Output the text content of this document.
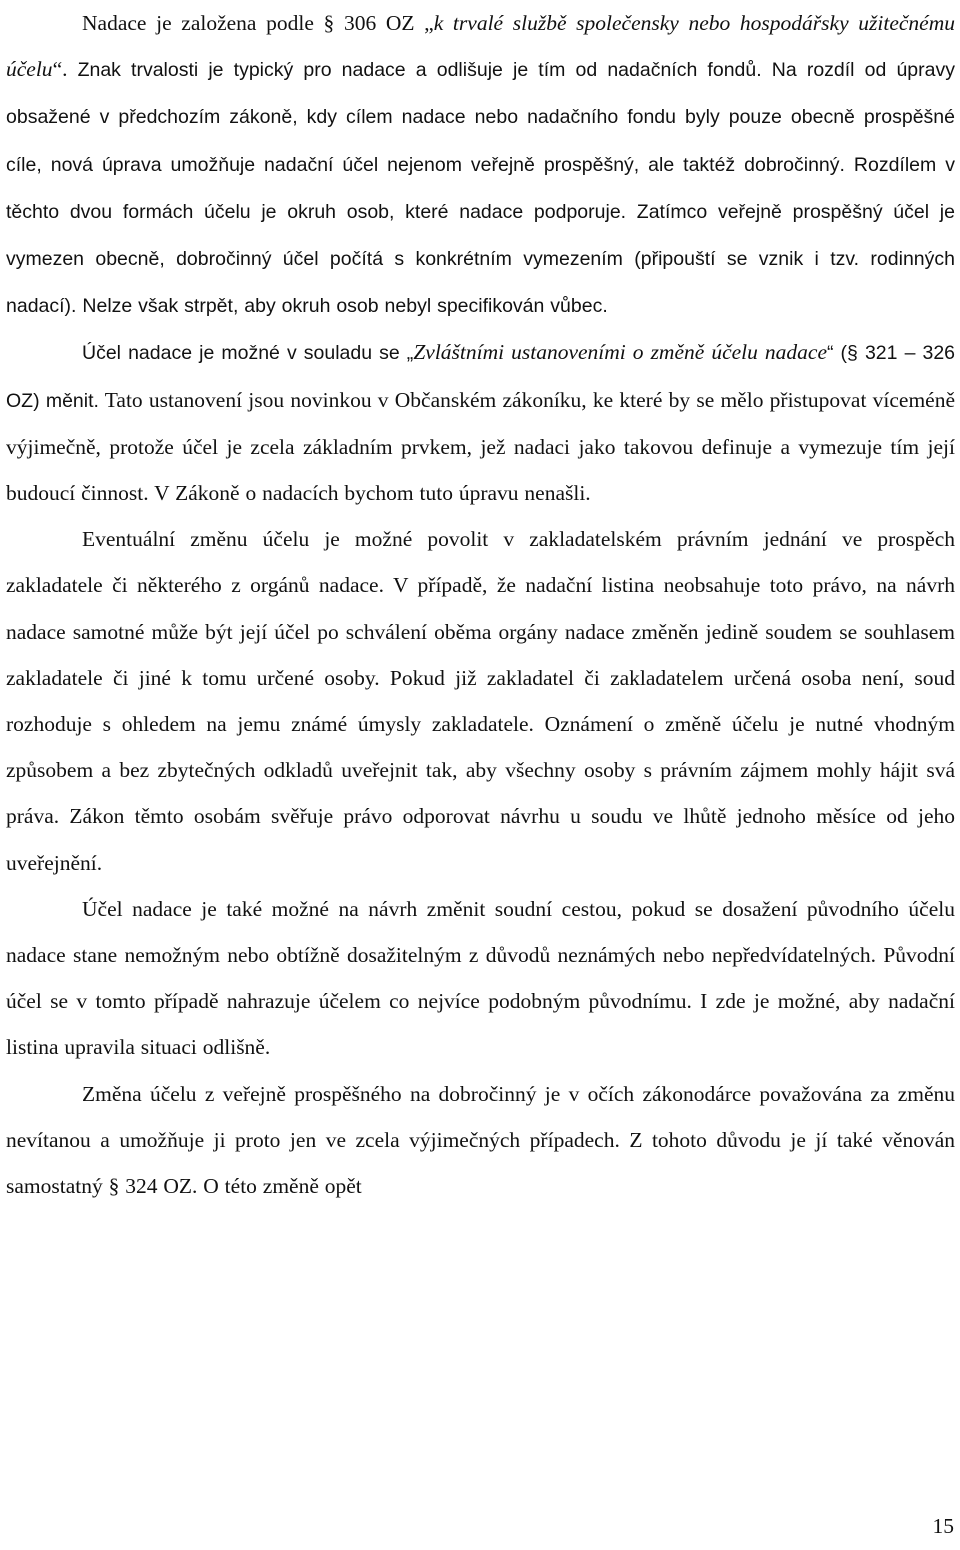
Nadace je založena podle § 306 OZ „k trvalé službě společensky nebo hospodářsky užitečnému účelu“. Znak trvalosti je typický pro nadace a odlišuje je tím od nadačních fondů. Na rozdíl od úpravy obsažené v předchozím zákoně, kdy cílem nadace nebo nadačního fondu byly pouze obecně prospěšné cíle, nová úprava umožňuje nadační účel nejenom veřejně prospěšný, ale taktéž dobročinný. Rozdílem v těchto dvou formách účelu je okruh osob, které nadace podporuje. Zatímco veřejně prospěšný účel je vymezen obecně, dobročinný účel počítá s konkrétním vymezením (připouští se vznik i tzv. rodinných nadací). Nelze však strpět, aby okruh osob nebyl specifikován vůbec.

Účel nadace je možné v souladu se „Zvláštními ustanoveními o změně účelu nadace“ (§ 321 – 326 OZ) měnit. Tato ustanovení jsou novinkou v Občanském zákoníku, ke které by se mělo přistupovat víceméně výjimečně, protože účel je zcela základním prvkem, jež nadaci jako takovou definuje a vymezuje tím její budoucí činnost. V Zákoně o nadacích bychom tuto úpravu nenašli.

Eventuální změnu účelu je možné povolit v zakladatelském právním jednání ve prospěch zakladatele či některého z orgánů nadace. V případě, že nadační listina neobsahuje toto právo, na návrh nadace samotné může být její účel po schválení oběma orgány nadace změněn jedině soudem se souhlasem zakladatele či jiné k tomu určené osoby. Pokud již zakladatel či zakladatelem určená osoba není, soud rozhoduje s ohledem na jemu známé úmysly zakladatele. Oznámení o změně účelu je nutné vhodným způsobem a bez zbytečných odkladů uveřejnit tak, aby všechny osoby s právním zájmem mohly hájit svá práva. Zákon těmto osobám svěřuje právo odporovat návrhu u soudu ve lhůtě jednoho měsíce od jeho uveřejnění.

Účel nadace je také možné na návrh změnit soudní cestou, pokud se dosažení původního účelu nadace stane nemožným nebo obtížně dosažitelným z důvodů neznámých nebo nepředvídatelných. Původní účel se v tomto případě nahrazuje účelem co nejvíce podobným původnímu. I zde je možné, aby nadační listina upravila situaci odlišně.

Změna účelu z veřejně prospěšného na dobročinný je v očích zákonodárce považována za změnu nevítanou a umožňuje ji proto jen ve zcela výjimečných případech. Z tohoto důvodu je jí také věnován samostatný § 324 OZ. O této změně opět

15
